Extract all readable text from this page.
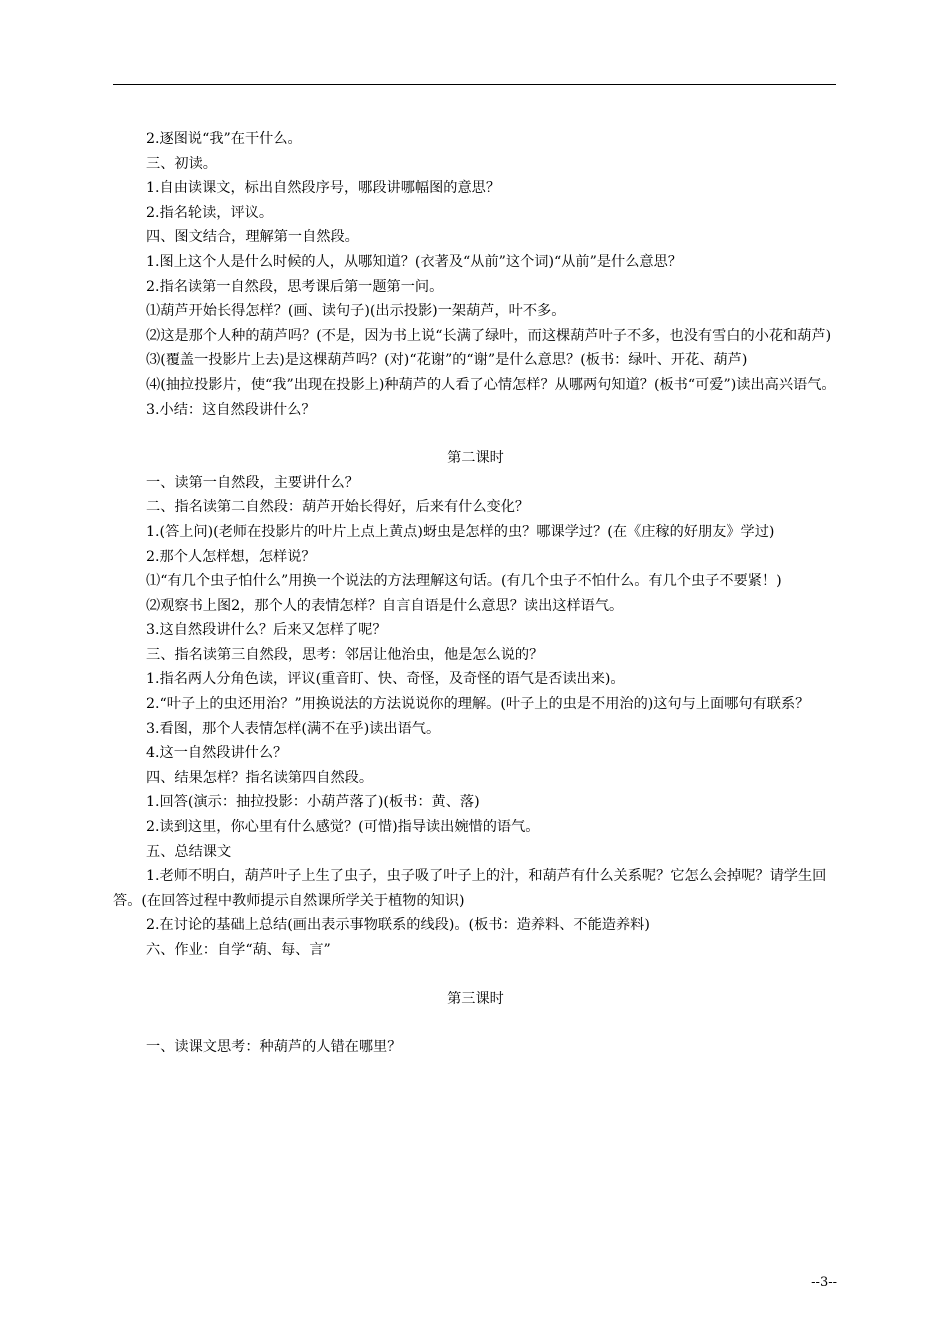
2.逐图说“我”在干什么。

三、初读。

1.自由读课文，标出自然段序号，哪段讲哪幅图的意思？

2.指名轮读，评议。

四、图文结合，理解第一自然段。

1.图上这个人是什么时候的人，从哪知道？(衣著及“从前”这个词)“从前”是什么意思？

2.指名读第一自然段，思考课后第一题第一问。

⑴葫芦开始长得怎样？(画、读句子)(出示投影)一架葫芦，叶不多。

⑵这是那个人种的葫芦吗？(不是，因为书上说“长满了绿叶，而这棵葫芦叶子不多，也没有雪白的小花和葫芦)

⑶(覆盖一投影片上去)是这棵葫芦吗？(对)“花谢”的“谢”是什么意思？(板书：绿叶、开花、葫芦)

⑷(抽拉投影片，使“我”出现在投影上)种葫芦的人看了心情怎样？从哪两句知道？(板书“可爱”)读出高兴语气。

3.小结：这自然段讲什么？

第二课时

一、读第一自然段，主要讲什么？

二、指名读第二自然段：葫芦开始长得好，后来有什么变化？

1.(答上问)(老师在投影片的叶片上点上黄点)蚜虫是怎样的虫？哪课学过？(在《庄稼的好朋友》学过)

2.那个人怎样想，怎样说？

⑴“有几个虫子怕什么”用换一个说法的方法理解这句话。(有几个虫子不怕什么。有几个虫子不要紧！)

⑵观察书上图2，那个人的表情怎样？自言自语是什么意思？读出这样语气。

3.这自然段讲什么？后来又怎样了呢？

三、指名读第三自然段，思考：邻居让他治虫，他是怎么说的？

1.指名两人分角色读，评议(重音盯、快、奇怪，及奇怪的语气是否读出来)。

2.“叶子上的虫还用治？”用换说法的方法说说你的理解。(叶子上的虫是不用治的)这句与上面哪句有联系？

3.看图，那个人表情怎样(满不在乎)读出语气。

4.这一自然段讲什么？

四、结果怎样？指名读第四自然段。

1.回答(演示：抽拉投影：小葫芦落了)(板书：黄、落)

2.读到这里，你心里有什么感觉？(可惜)指导读出婉惜的语气。

五、总结课文

1.老师不明白，葫芦叶子上生了虫子，虫子吸了叶子上的汁，和葫芦有什么关系呢？它怎么会掉呢？请学生回答。(在回答过程中教师提示自然课所学关于植物的知识)

2.在讨论的基础上总结(画出表示事物联系的线段)。(板书：造养料、不能造养料)

六、作业：自学“葫、每、言”

第三课时

一、读课文思考：种葫芦的人错在哪里？

--3--
